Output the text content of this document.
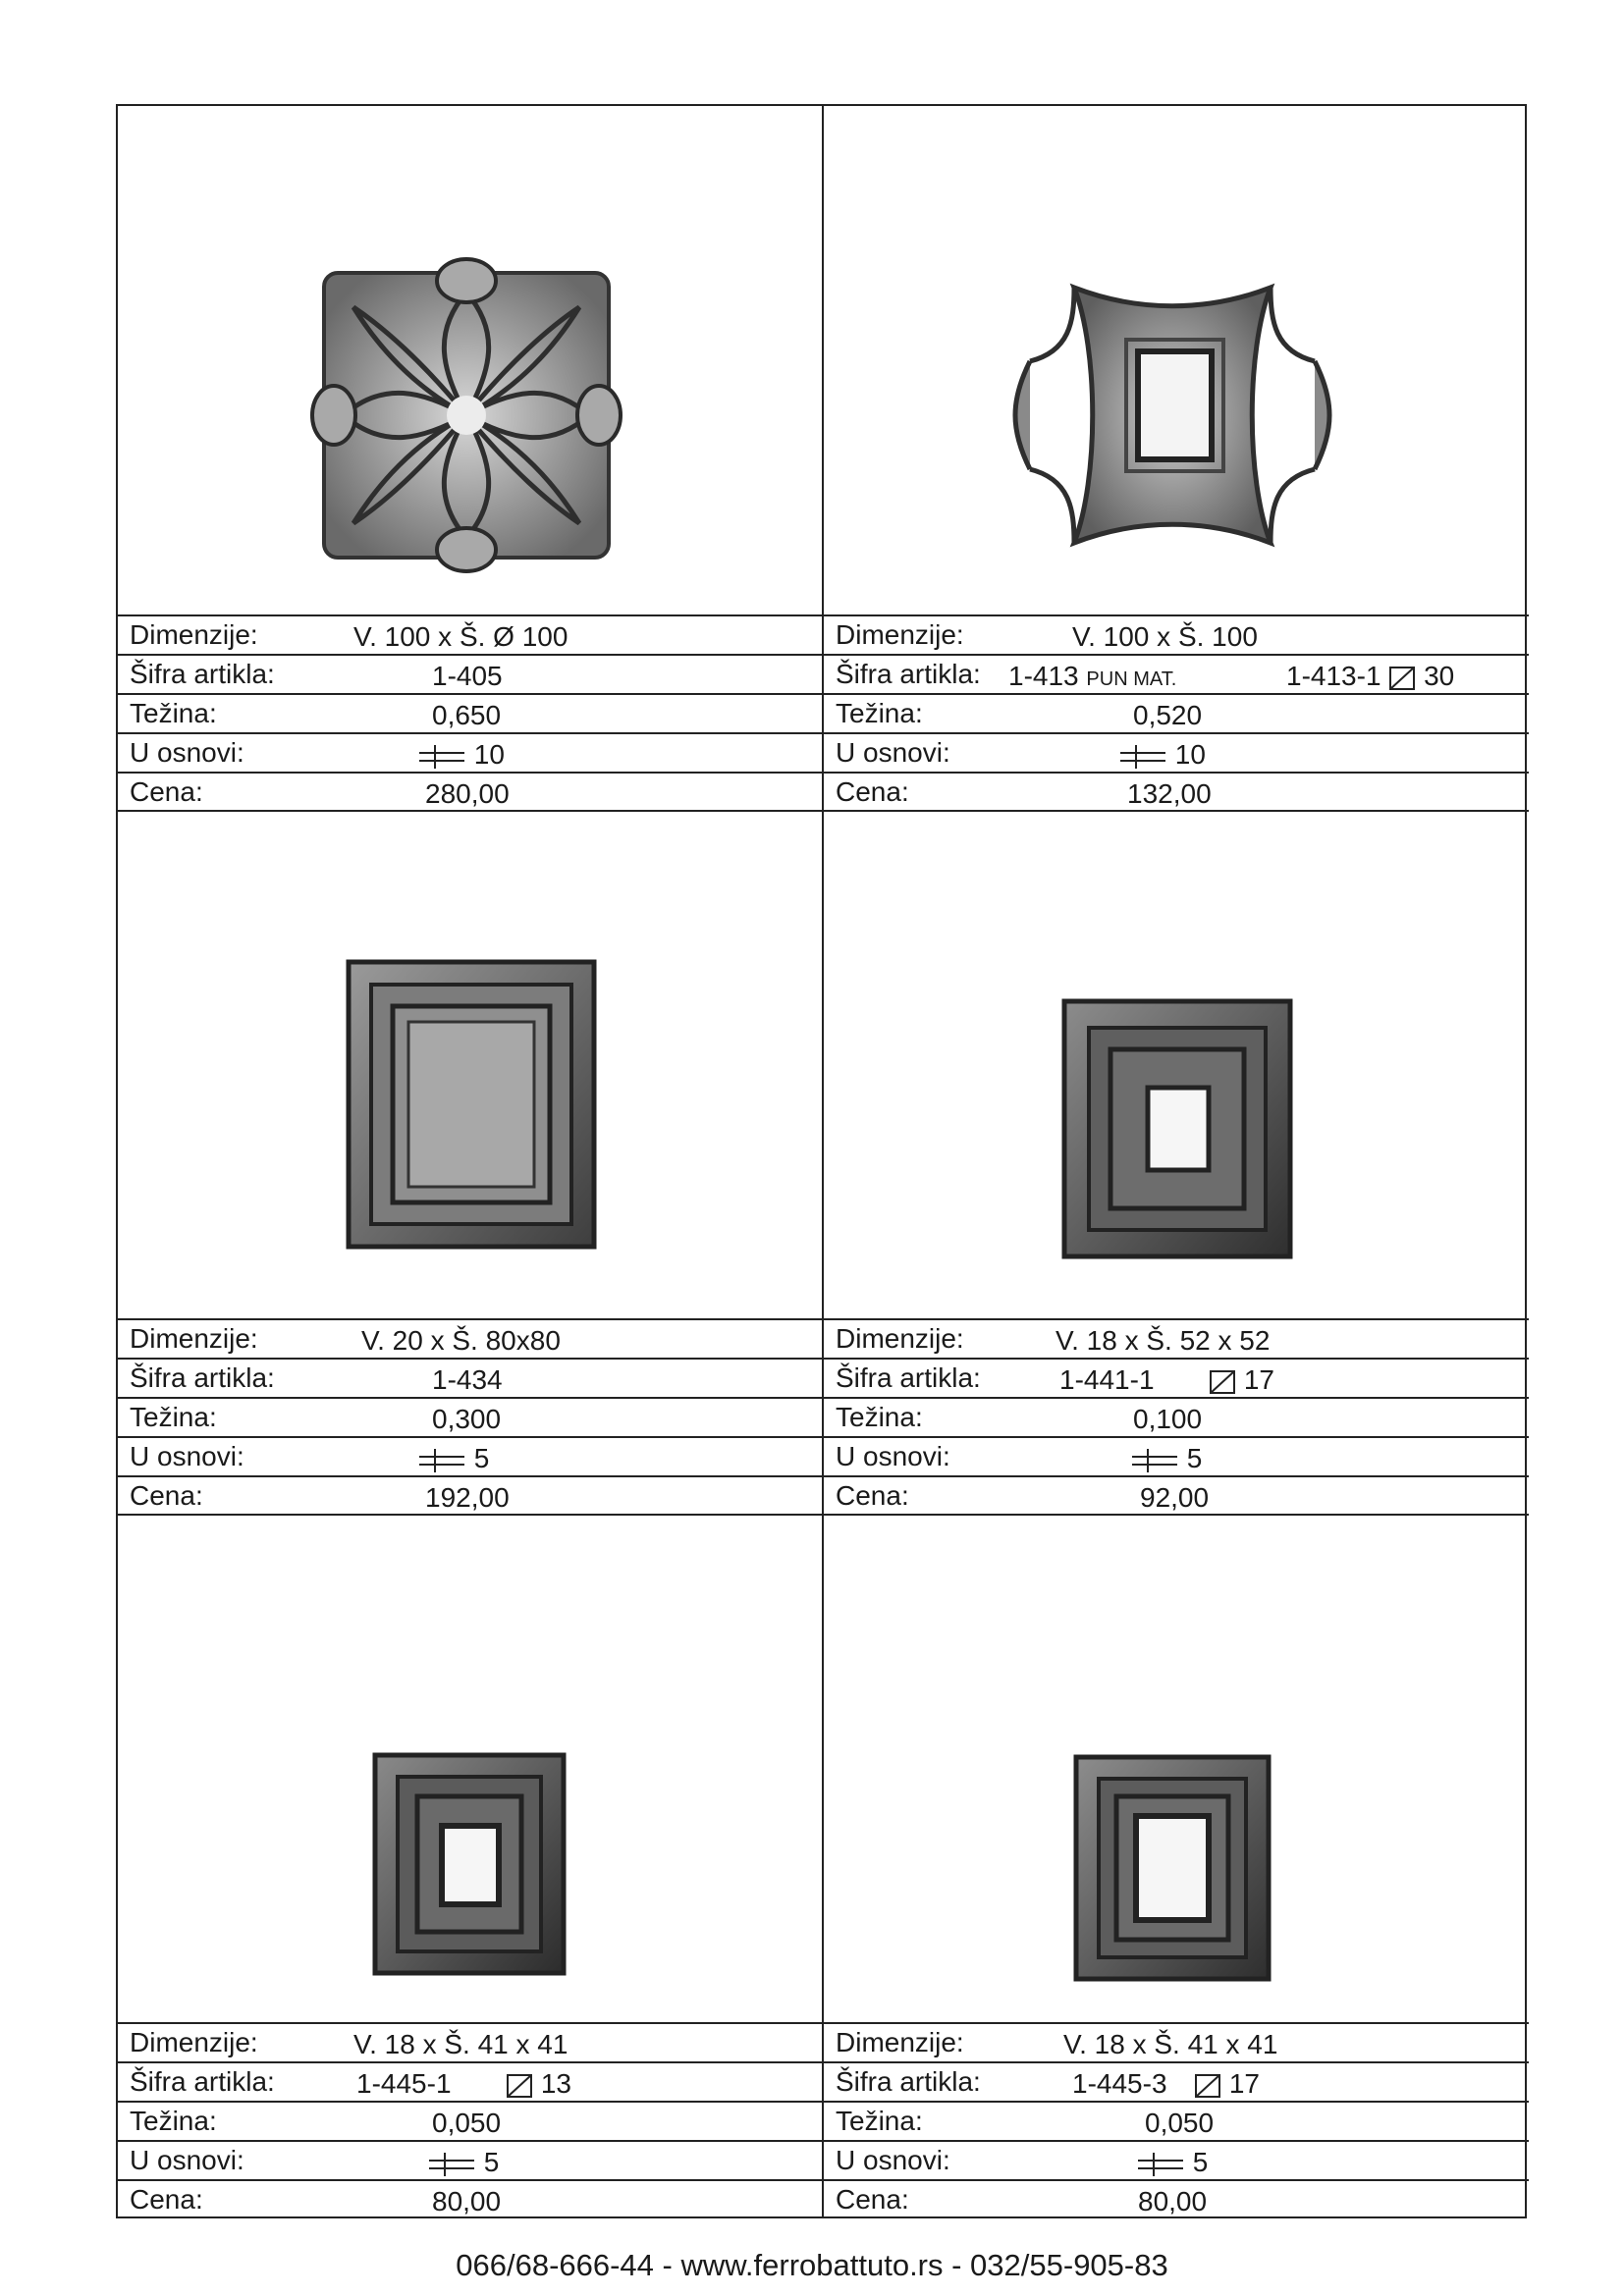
Dimenzije:	V. 100 x Š. Ø 100
Šifra artikla:	1-405
Težina:	0,650
U osnovi:	10
Cena:	280,00
Dimenzije:	V. 100 x Š. 100
Šifra artikla: 1-413 PUN MAT.	1-413-1 30
Težina:	0,520
U osnovi:	10
Cena:	132,00
Dimenzije:	V. 20 x Š. 80x80
Šifra artikla:	1-434
Težina:	0,300
U osnovi:	5
Cena:	192,00
Dimenzije:	V. 18 x Š. 52 x 52
Šifra artikla:	1-441-1	17
Težina:	0,100
U osnovi:	5
Cena:	92,00
Dimenzije:	V. 18 x Š. 41 x 41
Šifra artikla:	1-445-1	13
Težina:	0,050
U osnovi:	5
Cena:	80,00
Dimenzije:	V. 18 x Š. 41 x 41
Šifra artikla:	1-445-3 17
Težina:	0,050
U osnovi:	5
Cena:	80,00
066/68-666-44 - www.ferrobattuto.rs - 032/55-905-83
